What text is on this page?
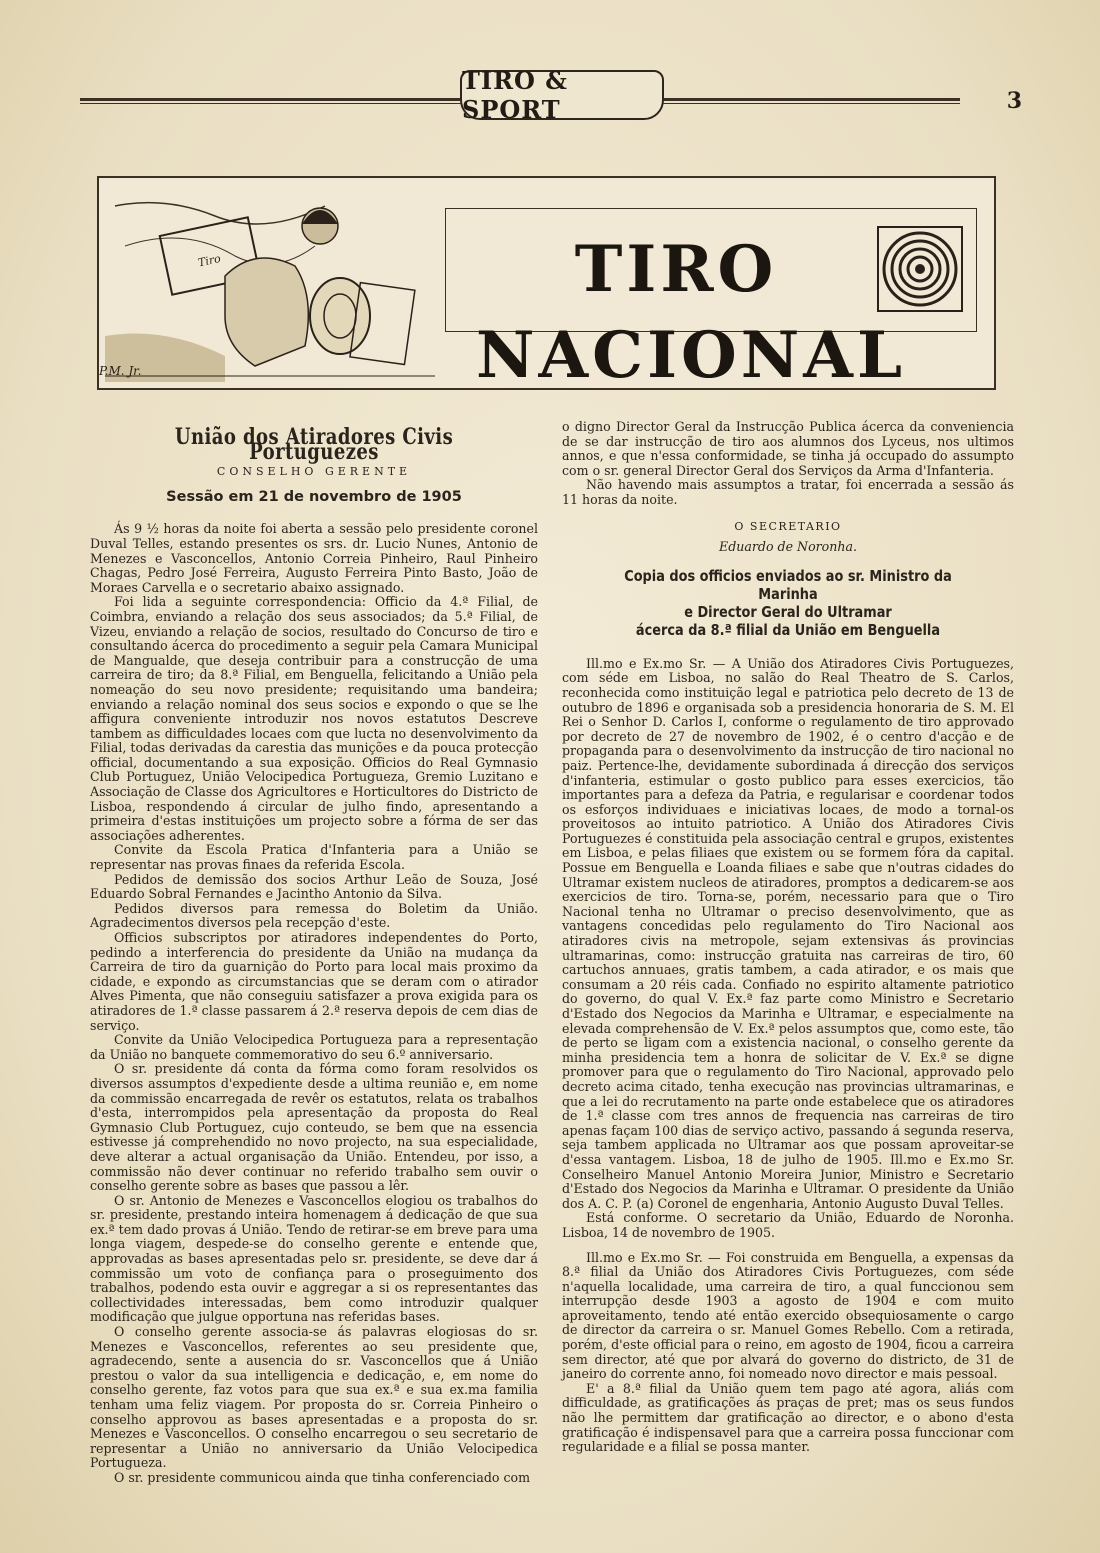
TIRO & SPORT	3
Tiro	TIRO NACIONAL
P.M. Jr.
União dos Atiradores Civis Portuguezes
CONSELHO GERENTE
Sessão em 21 de novembro de 1905

Ás 9 ½ horas da noite foi aberta a sessão pelo presidente coronel Duval Telles, estando presentes os srs. dr. Lucio Nunes, Antonio de Menezes e Vasconcellos, Antonio Correia Pinheiro, Raul Pinheiro Chagas, Pedro José Ferreira, Augusto Ferreira Pinto Basto, João de Moraes Carvella e o secretario abaixo assignado.

Foi lida a seguinte correspondencia: Officio da 4.ª Filial, de Coimbra, enviando a relação dos seus associados; da 5.ª Filial, de Vizeu, enviando a relação de socios, resultado do Concurso de tiro e consultando ácerca do procedimento a seguir pela Camara Municipal de Mangualde, que deseja contribuir para a construcção de uma carreira de tiro; da 8.ª Filial, em Benguella, felicitando a União pela nomeação do seu novo presidente; requisitando uma bandeira; enviando a relação nominal dos seus socios e expondo o que se lhe affigura conveniente introduzir nos novos estatutos Descreve tambem as difficuldades locaes com que lucta no desenvolvimento da Filial, todas derivadas da carestia das munições e da pouca protecção official, documentando a sua exposição. Officios do Real Gymnasio Club Portuguez, União Velocipedica Portugueza, Gremio Luzitano e Associação de Classe dos Agricultores e Horticultores do Districto de Lisboa, respondendo á circular de julho findo, apresentando a primeira d'estas instituições um projecto sobre a fórma de ser das associações adherentes.

Convite da Escola Pratica d'Infanteria para a União se representar nas provas finaes da referida Escola.

Pedidos de demissão dos socios Arthur Leão de Souza, José Eduardo Sobral Fernandes e Jacintho Antonio da Silva.

Pedidos diversos para remessa do Boletim da União. Agradecimentos diversos pela recepção d'este.

Officios subscriptos por atiradores independentes do Porto, pedindo a interferencia do presidente da União na mudança da Carreira de tiro da guarnição do Porto para local mais proximo da cidade, e expondo as circumstancias que se deram com o atirador Alves Pimenta, que não conseguiu satisfazer a prova exigida para os atiradores de 1.ª classe passarem á 2.ª reserva depois de cem dias de serviço.

Convite da União Velocipedica Portugueza para a representação da União no banquete commemorativo do seu 6.º anniversario.

O sr. presidente dá conta da fórma como foram resolvidos os diversos assumptos d'expediente desde a ultima reunião e, em nome da commissão encarregada de revêr os estatutos, relata os trabalhos d'esta, interrompidos pela apresentação da proposta do Real Gymnasio Club Portuguez, cujo conteudo, se bem que na essencia estivesse já comprehendido no novo projecto, na sua especialidade, deve alterar a actual organisação da União. Entendeu, por isso, a commissão não dever continuar no referido trabalho sem ouvir o conselho gerente sobre as bases que passou a lêr.

O sr. Antonio de Menezes e Vasconcellos elogiou os trabalhos do sr. presidente, prestando inteira homenagem á dedicação de que sua ex.ª tem dado provas á União. Tendo de retirar-se em breve para uma longa viagem, despede-se do conselho gerente e entende que, approvadas as bases apresentadas pelo sr. presidente, se deve dar á commissão um voto de confiança para o proseguimento dos trabalhos, podendo esta ouvir e aggregar a si os representantes das collectividades interessadas, bem como introduzir qualquer modificação que julgue opportuna nas referidas bases.

O conselho gerente associa-se ás palavras elogiosas do sr. Menezes e Vasconcellos, referentes ao seu presidente que, agradecendo, sente a ausencia do sr. Vasconcellos que á União prestou o valor da sua intelligencia e dedicação, e, em nome do conselho gerente, faz votos para que sua ex.ª e sua ex.ma familia tenham uma feliz viagem. Por proposta do sr. Correia Pinheiro o conselho approvou as bases apresentadas e a proposta do sr. Menezes e Vasconcellos. O conselho encarregou o seu secretario de representar a União no anniversario da União Velocipedica Portugueza.

O sr. presidente communicou ainda que tinha conferenciado com

o digno Director Geral da Instrucção Publica ácerca da conveniencia de se dar instrucção de tiro aos alumnos dos Lyceus, nos ultimos annos, e que n'essa conformidade, se tinha já occupado do assumpto com o sr. general Director Geral dos Serviços da Arma d'Infanteria.

Não havendo mais assumptos a tratar, foi encerrada a sessão ás 11 horas da noite.

O SECRETARIO
Eduardo de Noronha.
Copia dos officios enviados ao sr. Ministro da Marinha
e Director Geral do Ultramar
ácerca da 8.ª filial da União em Benguella

Ill.mo e Ex.mo Sr. — A União dos Atiradores Civis Portuguezes, com séde em Lisboa, no salão do Real Theatro de S. Carlos, reconhecida como instituição legal e patriotica pelo decreto de 13 de outubro de 1896 e organisada sob a presidencia honoraria de S. M. El Rei o Senhor D. Carlos I, conforme o regulamento de tiro approvado por decreto de 27 de novembro de 1902, é o centro d'acção e de propaganda para o desenvolvimento da instrucção de tiro nacional no paiz. Pertence-lhe, devidamente subordinada á direcção dos serviços d'infanteria, estimular o gosto publico para esses exercicios, tão importantes para a defeza da Patria, e regularisar e coordenar todos os esforços individuaes e iniciativas locaes, de modo a tornal-os proveitosos ao intuito patriotico. A União dos Atiradores Civis Portuguezes é constituida pela associação central e grupos, existentes em Lisboa, e pelas filiaes que existem ou se formem fóra da capital. Possue em Benguella e Loanda filiaes e sabe que n'outras cidades do Ultramar existem nucleos de atiradores, promptos a dedicarem-se aos exercicios de tiro. Torna-se, porém, necessario para que o Tiro Nacional tenha no Ultramar o preciso desenvolvimento, que as vantagens concedidas pelo regulamento do Tiro Nacional aos atiradores civis na metropole, sejam extensivas ás provincias ultramarinas, como: instrucção gratuita nas carreiras de tiro, 60 cartuchos annuaes, gratis tambem, a cada atirador, e os mais que consumam a 20 réis cada. Confiado no espirito altamente patriotico do governo, do qual V. Ex.ª faz parte como Ministro e Secretario d'Estado dos Negocios da Marinha e Ultramar, e especialmente na elevada comprehensão de V. Ex.ª pelos assumptos que, como este, tão de perto se ligam com a existencia nacional, o conselho gerente da minha presidencia tem a honra de solicitar de V. Ex.ª se digne promover para que o regulamento do Tiro Nacional, approvado pelo decreto acima citado, tenha execução nas provincias ultramarinas, e que a lei do recrutamento na parte onde estabelece que os atiradores de 1.ª classe com tres annos de frequencia nas carreiras de tiro apenas façam 100 dias de serviço activo, passando á segunda reserva, seja tambem applicada no Ultramar aos que possam aproveitar-se d'essa vantagem. Lisboa, 18 de julho de 1905. Ill.mo e Ex.mo Sr. Conselheiro Manuel Antonio Moreira Junior, Ministro e Secretario d'Estado dos Negocios da Marinha e Ultramar. O presidente da União dos A. C. P. (a) Coronel de engenharia, Antonio Augusto Duval Telles.

Está conforme. O secretario da União, Eduardo de Noronha. Lisboa, 14 de novembro de 1905.

Ill.mo e Ex.mo Sr. — Foi construida em Benguella, a expensas da 8.ª filial da União dos Atiradores Civis Portuguezes, com séde n'aquella localidade, uma carreira de tiro, a qual funccionou sem interrupção desde 1903 a agosto de 1904 e com muito aproveitamento, tendo até então exercido obsequiosamente o cargo de director da carreira o sr. Manuel Gomes Rebello. Com a retirada, porém, d'este official para o reino, em agosto de 1904, ficou a carreira sem director, até que por alvará do governo do districto, de 31 de janeiro do corrente anno, foi nomeado novo director e mais pessoal.

E' a 8.ª filial da União quem tem pago até agora, aliás com difficuldade, as gratificações ás praças de pret; mas os seus fundos não lhe permittem dar gratificação ao director, e o abono d'esta gratificação é indispensavel para que a carreira possa funccionar com regularidade e a filial se possa manter.
